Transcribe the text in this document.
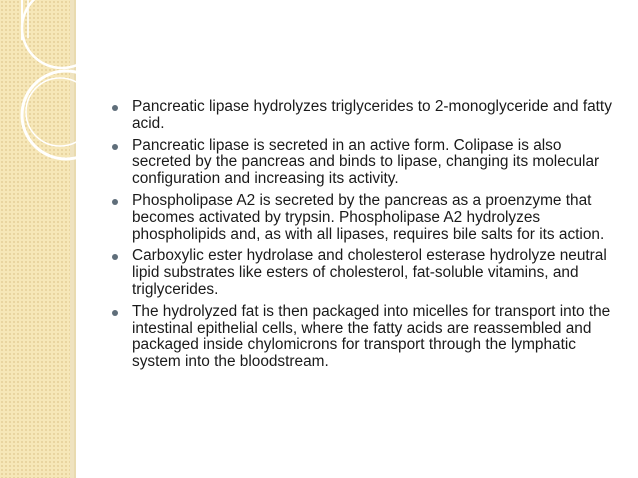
Pancreatic lipase hydrolyzes triglycerides to 2-monoglyceride and fatty acid.
Pancreatic lipase is secreted in an active form. Colipase is also secreted by the pancreas and binds to lipase, changing its molecular configuration and increasing its activity.
Phospholipase A2 is secreted by the pancreas as a proenzyme that becomes activated by trypsin. Phospholipase A2 hydrolyzes phospholipids and, as with all lipases, requires bile salts for its action.
Carboxylic ester hydrolase and cholesterol esterase hydrolyze neutral lipid substrates like esters of cholesterol, fat-soluble vitamins, and triglycerides.
The hydrolyzed fat is then packaged into micelles for transport into the intestinal epithelial cells, where the fatty acids are reassembled and packaged inside chylomicrons for transport through the lymphatic system into the bloodstream.
